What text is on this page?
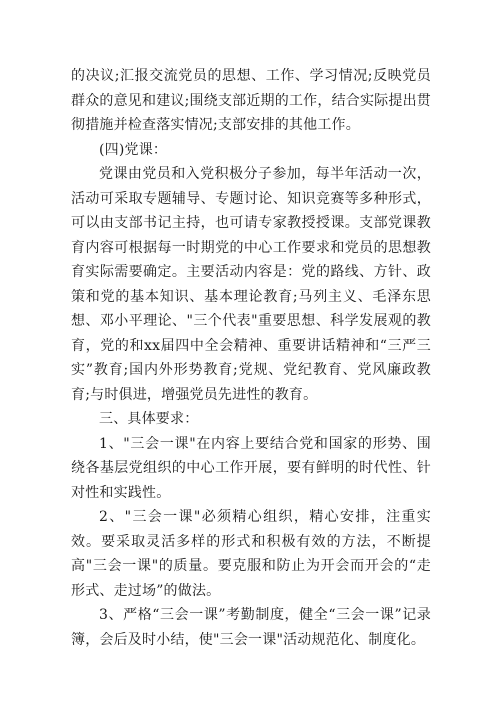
的决议;汇报交流党员的思想、工作、学习情况;反映党员群众的意见和建议;围绕支部近期的工作，结合实际提出贯彻措施并检查落实情况;支部安排的其他工作。

(四)党课：

党课由党员和入党积极分子参加，每半年活动一次，活动可采取专题辅导、专题讨论、知识竞赛等多种形式，可以由支部书记主持，也可请专家教授授课。支部党课教育内容可根据每一时期党的中心工作要求和党员的思想教育实际需要确定。主要活动内容是：党的路线、方针、政策和党的基本知识、基本理论教育;马列主义、毛泽东思想、邓小平理论、"三个代表"重要思想、科学发展观的教育，党的和xx届四中全会精神、重要讲话精神和“三严三实”教育;国内外形势教育;党规、党纪教育、党风廉政教育;与时俱进，增强党员先进性的教育。

三、具体要求：

1、"三会一课"在内容上要结合党和国家的形势、围绕各基层党组织的中心工作开展，要有鲜明的时代性、针对性和实践性。

2、"三会一课"必须精心组织，精心安排，注重实效。要采取灵活多样的形式和积极有效的方法，不断提高"三会一课"的质量。要克服和防止为开会而开会的“走形式、走过场”的做法。

3、严格“三会一课”考勤制度，健全“三会一课”记录簿，会后及时小结，使"三会一课"活动规范化、制度化。
